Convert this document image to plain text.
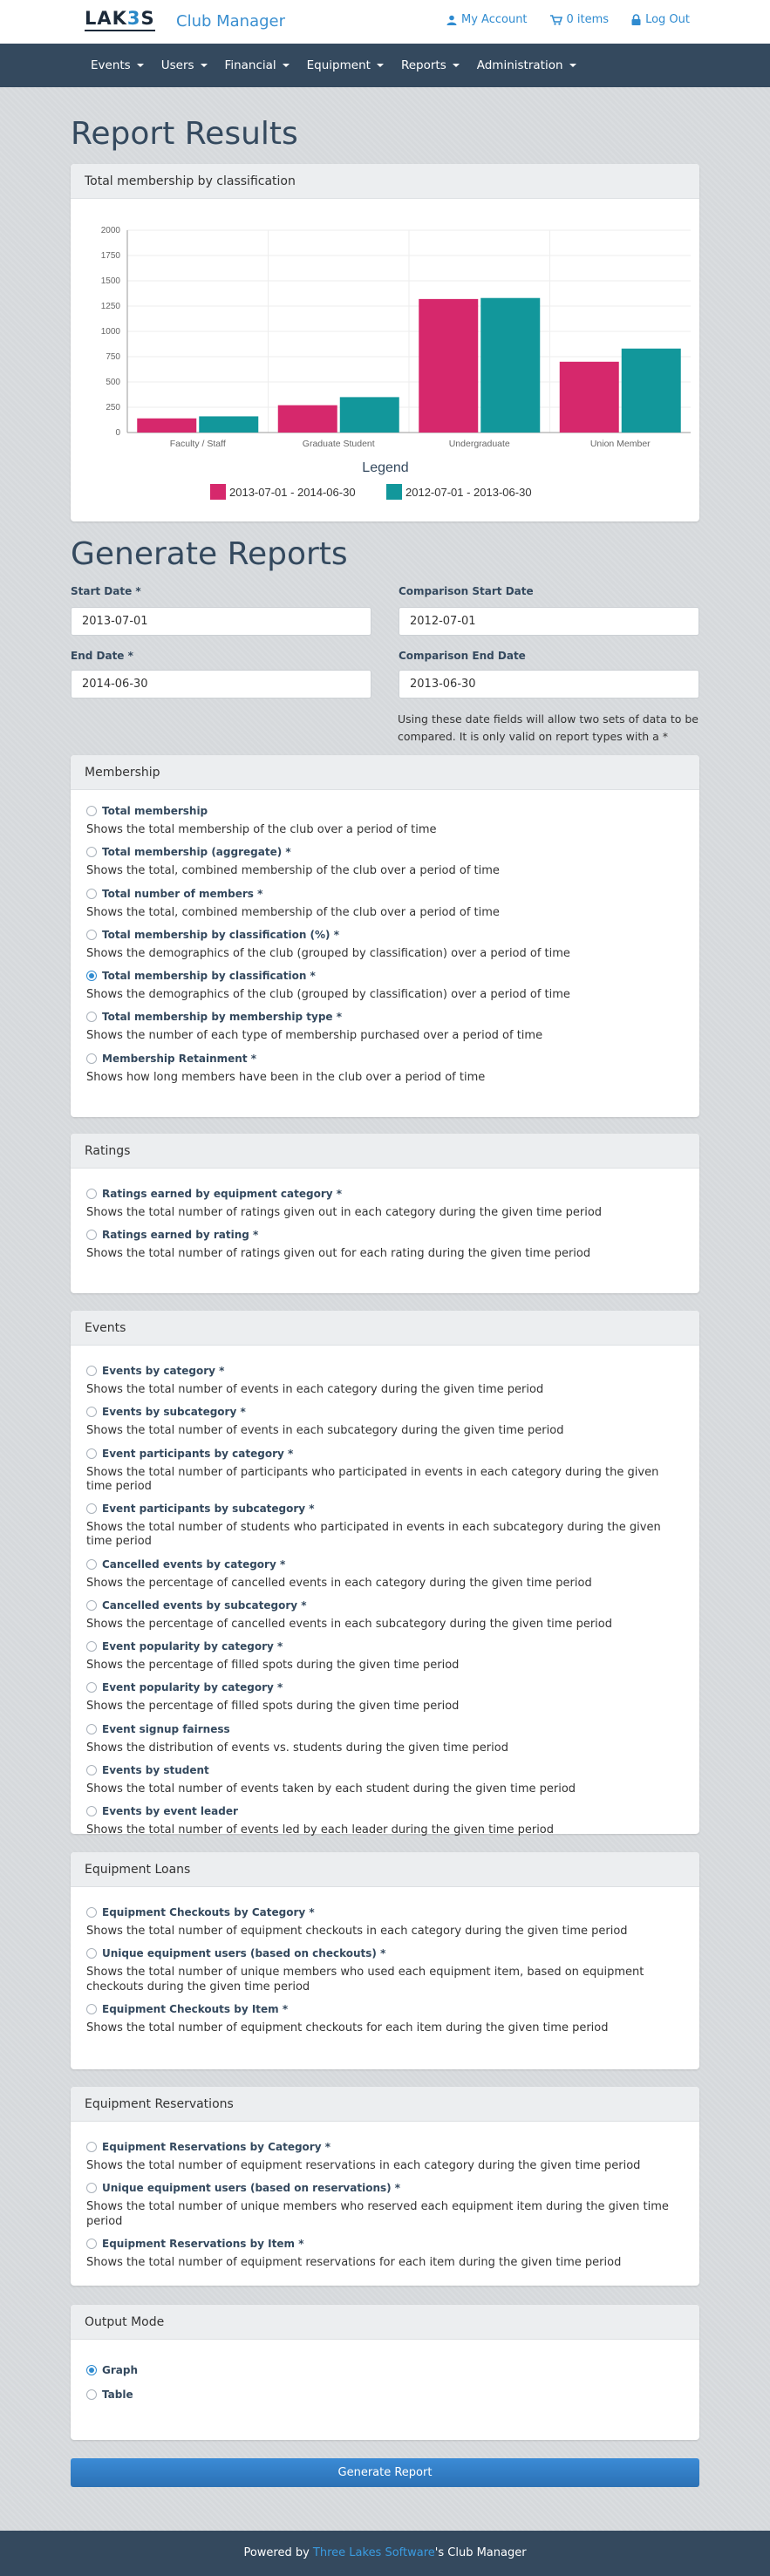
LAK3S Club Manager	My Account	0 items	Log Out
Events	Users	Financial	Equipment	Reports	Administration
Report Results
Total membership by classification
0
250
500
750
1000
1250
1500
1750
2000
Faculty / Staff	Graduate Student	Undergraduate	Union Member
Legend
2013-07-01 - 2014-06-30	2012-07-01 - 2013-06-30
Generate Reports
Start Date *
2013-07-01
Comparison Start Date
2012-07-01
End Date *
2014-06-30
Comparison End Date
2013-06-30
Using these date fields will allow two sets of data to be compared. It is only valid on report types with a *
Membership
Total membership
Shows the total membership of the club over a period of time
Total membership (aggregate) *
Shows the total, combined membership of the club over a period of time
Total number of members *
Shows the total, combined membership of the club over a period of time
Total membership by classification (%) *
Shows the demographics of the club (grouped by classification) over a period of time
Total membership by classification *
Shows the demographics of the club (grouped by classification) over a period of time
Total membership by membership type *
Shows the number of each type of membership purchased over a period of time
Membership Retainment *
Shows how long members have been in the club over a period of time
Ratings
Ratings earned by equipment category *
Shows the total number of ratings given out in each category during the given time period
Ratings earned by rating *
Shows the total number of ratings given out for each rating during the given time period
Events
Events by category *
Shows the total number of events in each category during the given time period
Events by subcategory *
Shows the total number of events in each subcategory during the given time period
Event participants by category *
Shows the total number of participants who participated in events in each category during the given time period
Event participants by subcategory *
Shows the total number of students who participated in events in each subcategory during the given time period
Cancelled events by category *
Shows the percentage of cancelled events in each category during the given time period
Cancelled events by subcategory *
Shows the percentage of cancelled events in each subcategory during the given time period
Event popularity by category *
Shows the percentage of filled spots during the given time period
Event popularity by category *
Shows the percentage of filled spots during the given time period
Event signup fairness
Shows the distribution of events vs. students during the given time period
Events by student
Shows the total number of events taken by each student during the given time period
Events by event leader
Shows the total number of events led by each leader during the given time period
Equipment Loans
Equipment Checkouts by Category *
Shows the total number of equipment checkouts in each category during the given time period
Unique equipment users (based on checkouts) *
Shows the total number of unique members who used each equipment item, based on equipment checkouts during the given time period
Equipment Checkouts by Item *
Shows the total number of equipment checkouts for each item during the given time period
Equipment Reservations
Equipment Reservations by Category *
Shows the total number of equipment reservations in each category during the given time period
Unique equipment users (based on reservations) *
Shows the total number of unique members who reserved each equipment item during the given time period
Equipment Reservations by Item *
Shows the total number of equipment reservations for each item during the given time period
Output Mode
Graph
Table
Generate Report
Powered by Three Lakes Software's Club Manager
